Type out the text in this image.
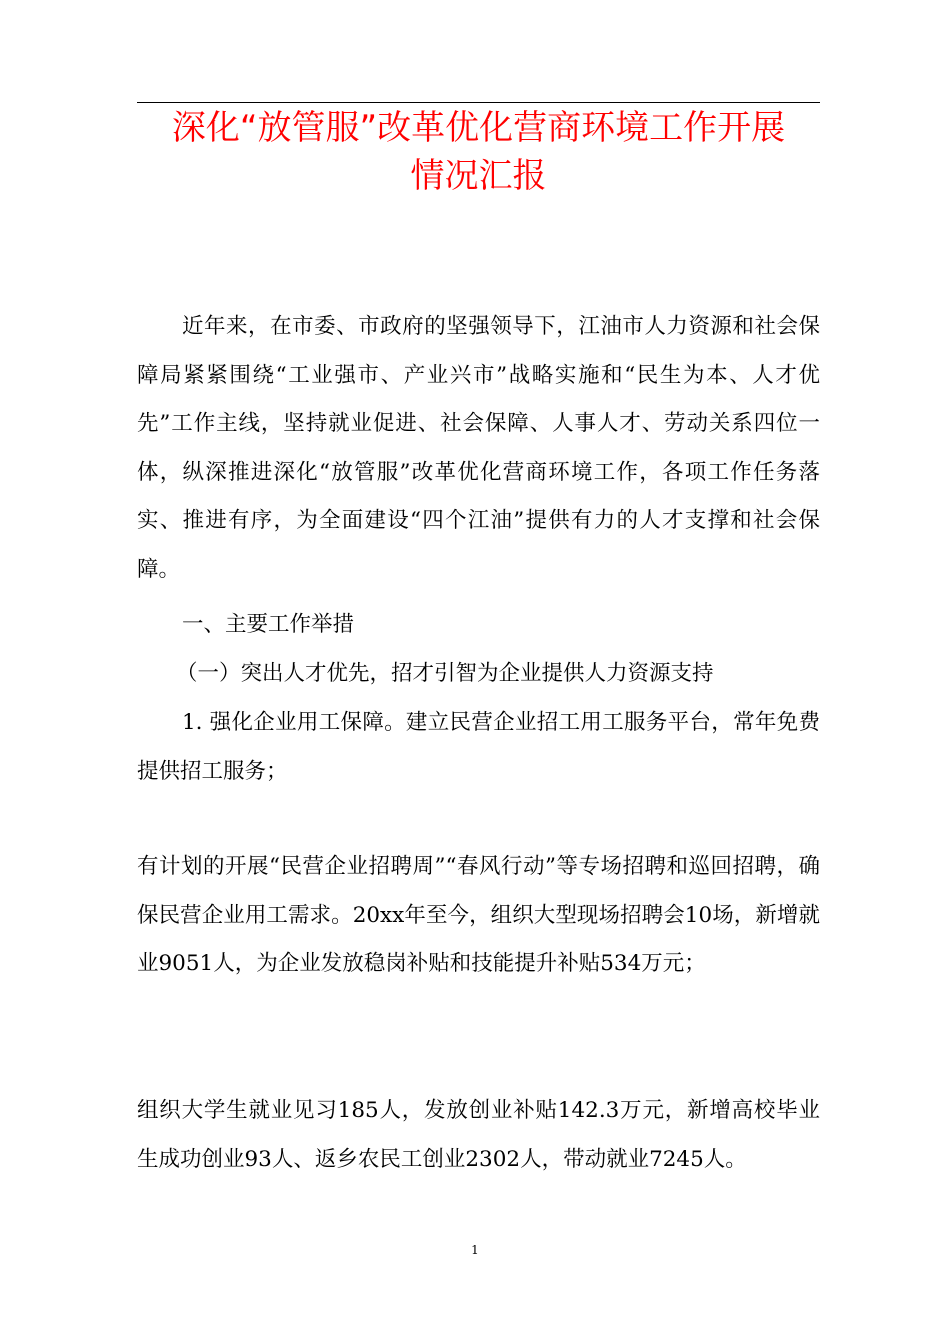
深化“放管服”改革优化营商环境工作开展
情况汇报

近年来，在市委、市政府的坚强领导下，江油市人力资源和社会保障局紧紧围绕“工业强市、产业兴市”战略实施和“民生为本、人才优先”工作主线，坚持就业促进、社会保障、人事人才、劳动关系四位一体，纵深推进深化“放管服”改革优化营商环境工作，各项工作任务落实、推进有序，为全面建设“四个江油”提供有力的人才支撑和社会保障。

一、主要工作举措

（一）突出人才优先，招才引智为企业提供人力资源支持

1. 强化企业用工保障。建立民营企业招工用工服务平台，常年免费提供招工服务；

有计划的开展“民营企业招聘周”“春风行动”等专场招聘和巡回招聘，确保民营企业用工需求。20xx年至今，组织大型现场招聘会10场，新增就业9051人，为企业发放稳岗补贴和技能提升补贴534万元；

组织大学生就业见习185人，发放创业补贴142.3万元，新增高校毕业生成功创业93人、返乡农民工创业2302人，带动就业7245人。

1
